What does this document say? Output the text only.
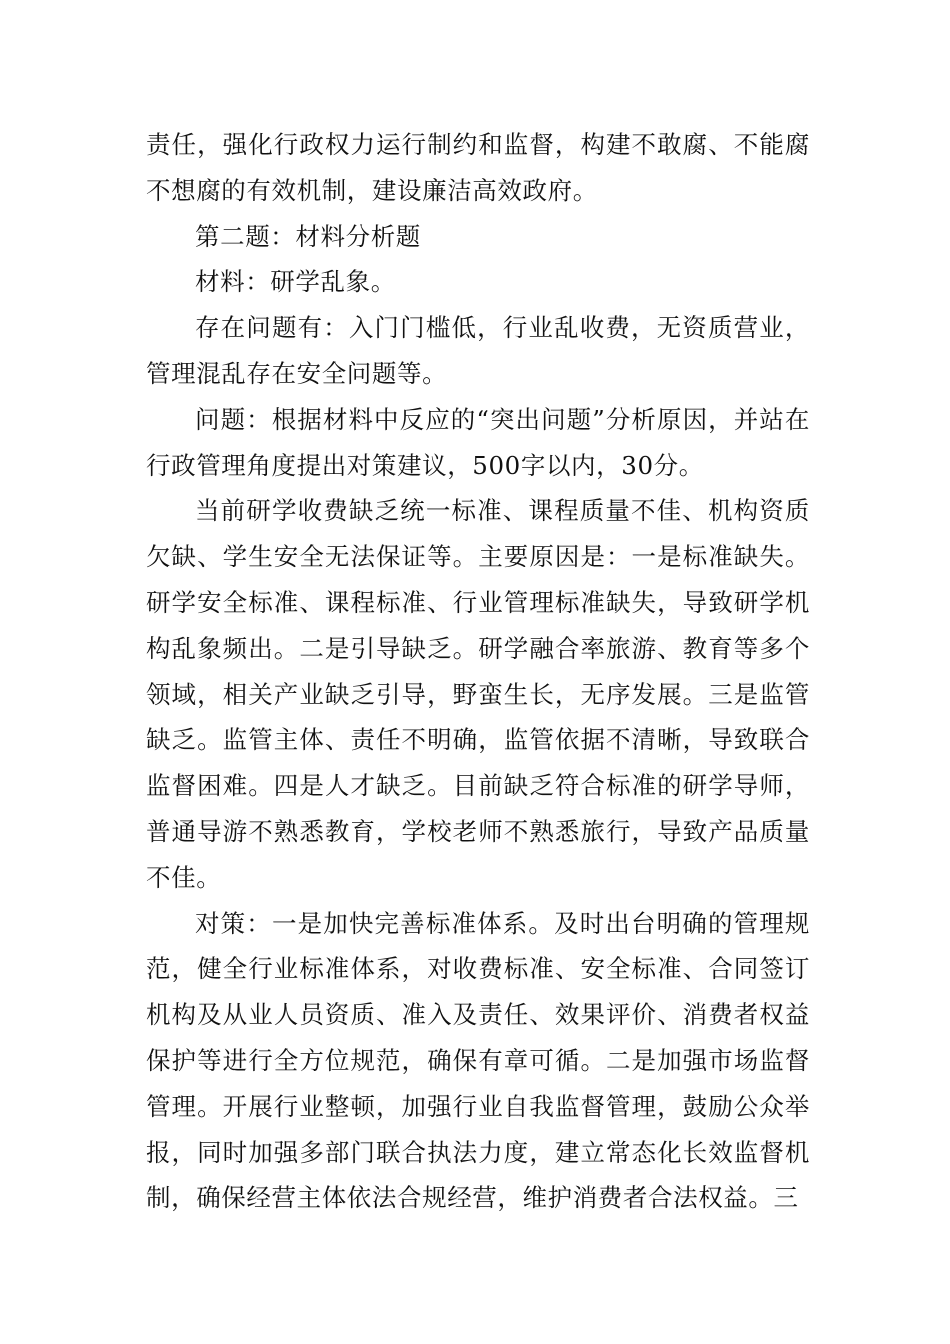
责任，强化行政权力运行制约和监督，构建不敢腐、不能腐不想腐的有效机制，建设廉洁高效政府。

第二题：材料分析题

材料：研学乱象。

存在问题有：入门门槛低，行业乱收费，无资质营业，管理混乱存在安全问题等。

问题：根据材料中反应的“突出问题”分析原因，并站在行政管理角度提出对策建议，500字以内，30分。

当前研学收费缺乏统一标准、课程质量不佳、机构资质欠缺、学生安全无法保证等。主要原因是：一是标准缺失。研学安全标准、课程标准、行业管理标准缺失，导致研学机构乱象频出。二是引导缺乏。研学融合率旅游、教育等多个领域，相关产业缺乏引导，野蛮生长，无序发展。三是监管缺乏。监管主体、责任不明确，监管依据不清晰，导致联合监督困难。四是人才缺乏。目前缺乏符合标准的研学导师，普通导游不熟悉教育，学校老师不熟悉旅行，导致产品质量不佳。

对策：一是加快完善标准体系。及时出台明确的管理规范，健全行业标准体系，对收费标准、安全标准、合同签订机构及从业人员资质、准入及责任、效果评价、消费者权益保护等进行全方位规范，确保有章可循。二是加强市场监督管理。开展行业整顿，加强行业自我监督管理，鼓励公众举报，同时加强多部门联合执法力度，建立常态化长效监督机制，确保经营主体依法合规经营，维护消费者合法权益。三
